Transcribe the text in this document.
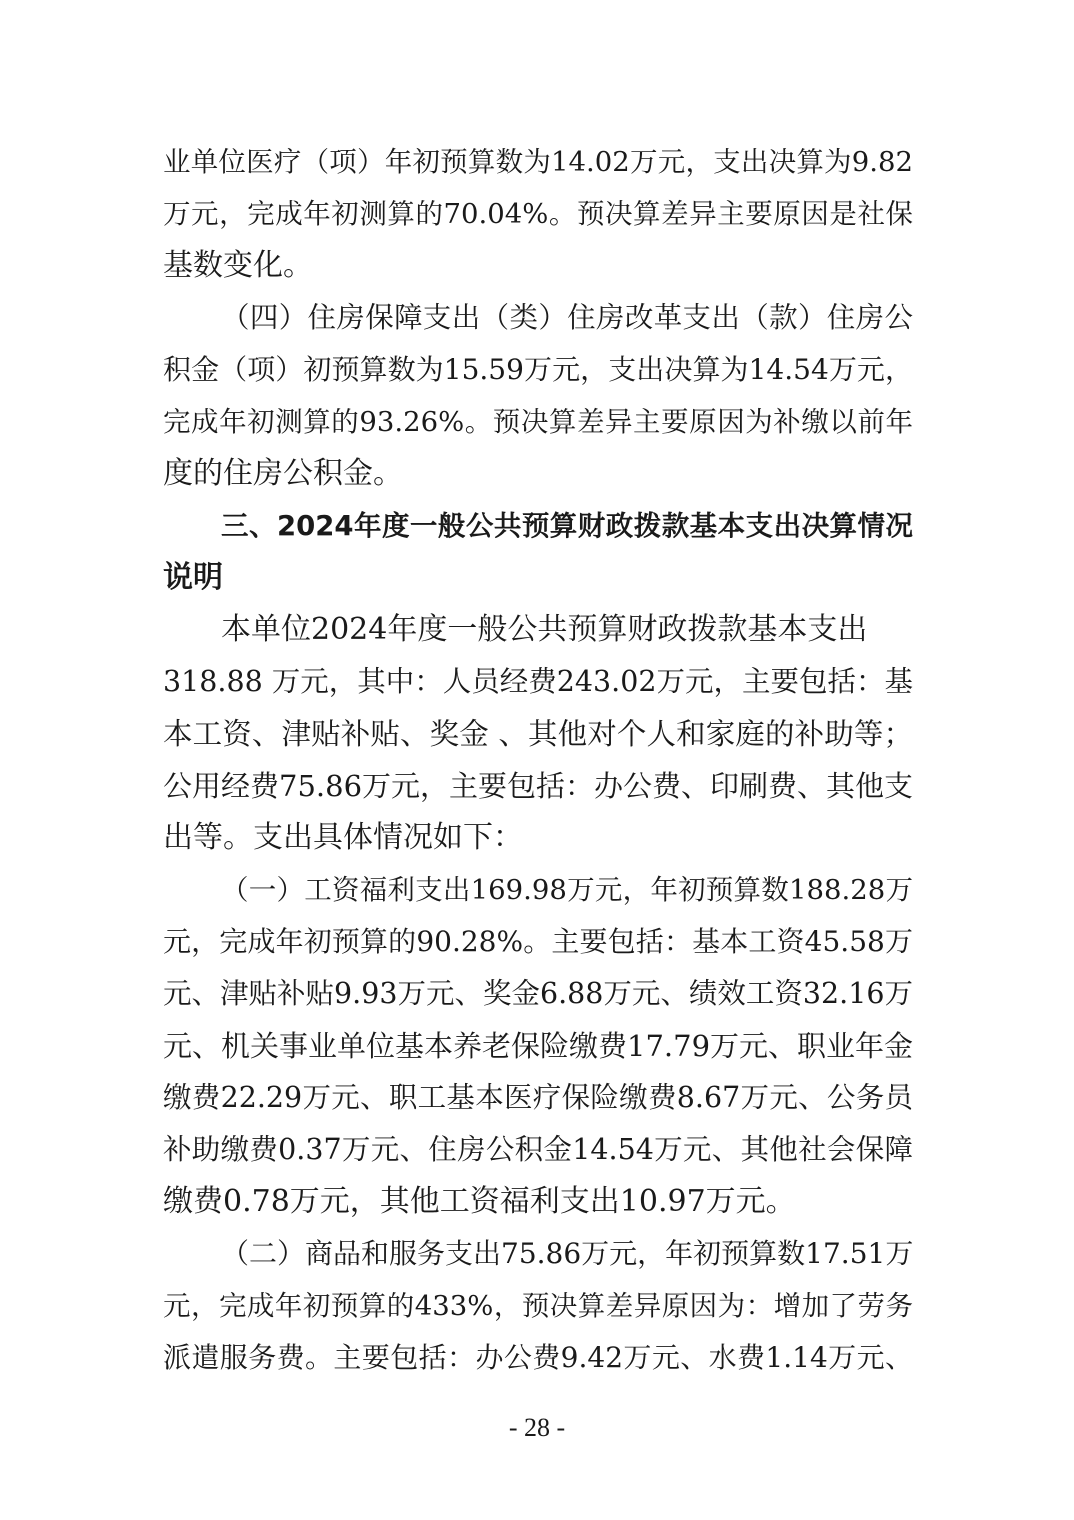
业单位医疗（项）年初预算数为14.02万元，支出决算为9.82
万元，完成年初测算的70.04%。预决算差异主要原因是社保
基数变化。
（四）住房保障支出（类）住房改革支出（款）住房公
积金（项）初预算数为15.59万元，支出决算为14.54万元，
完成年初测算的93.26%。预决算差异主要原因为补缴以前年
度的住房公积金。
三、2024年度一般公共预算财政拨款基本支出决算情况
说明
本单位2024年度一般公共预算财政拨款基本支出
318.88 万元，其中：人员经费243.02万元，主要包括：基
本工资、津贴补贴、奖金 、其他对个人和家庭的补助等；
公用经费75.86万元，主要包括：办公费、印刷费、其他支
出等。支出具体情况如下：
（一）工资福利支出169.98万元，年初预算数188.28万
元，完成年初预算的90.28%。主要包括：基本工资45.58万
元、津贴补贴9.93万元、奖金6.88万元、绩效工资32.16万
元、机关事业单位基本养老保险缴费17.79万元、职业年金
缴费22.29万元、职工基本医疗保险缴费8.67万元、公务员
补助缴费0.37万元、住房公积金14.54万元、其他社会保障
缴费0.78万元，其他工资福利支出10.97万元。
（二）商品和服务支出75.86万元，年初预算数17.51万
元，完成年初预算的433%，预决算差异原因为：增加了劳务
派遣服务费。主要包括：办公费9.42万元、水费1.14万元、
- 28 -
